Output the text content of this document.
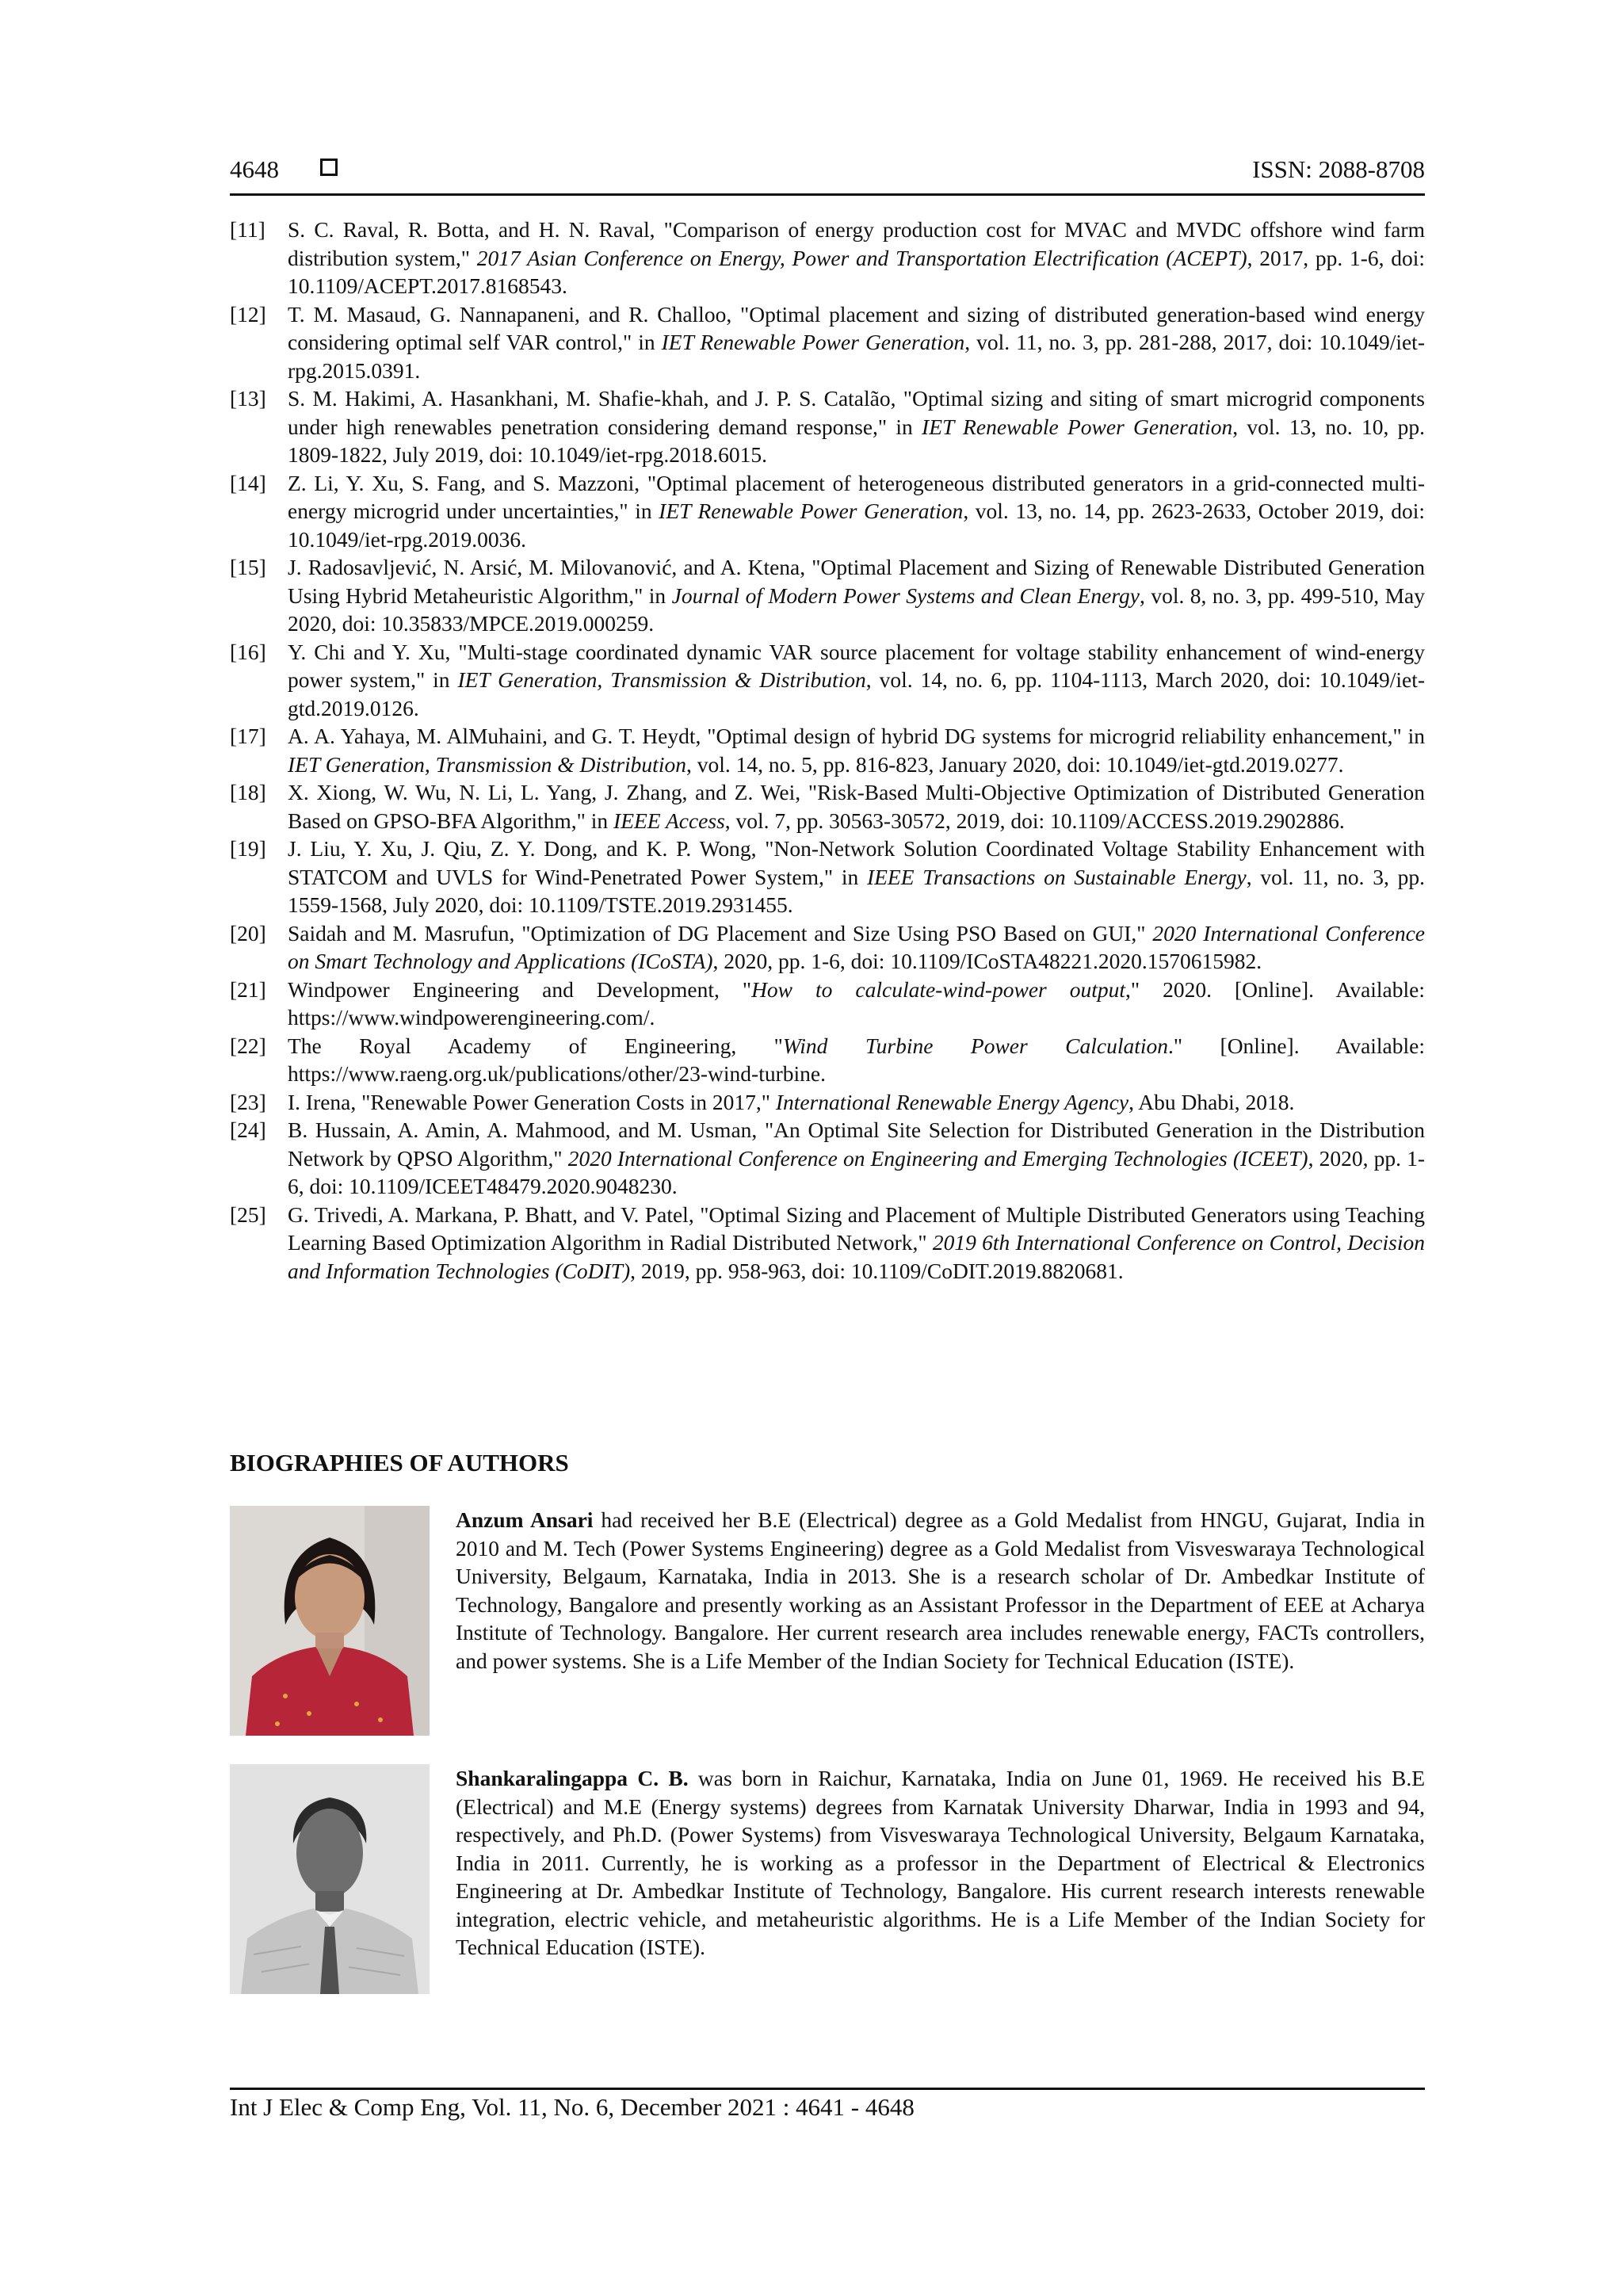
4648	ISSN: 2088-8708
[11] S. C. Raval, R. Botta, and H. N. Raval, "Comparison of energy production cost for MVAC and MVDC offshore wind farm distribution system," 2017 Asian Conference on Energy, Power and Transportation Electrification (ACEPT), 2017, pp. 1-6, doi: 10.1109/ACEPT.2017.8168543.
[12] T. M. Masaud, G. Nannapaneni, and R. Challoo, "Optimal placement and sizing of distributed generation-based wind energy considering optimal self VAR control," in IET Renewable Power Generation, vol. 11, no. 3, pp. 281-288, 2017, doi: 10.1049/iet-rpg.2015.0391.
[13] S. M. Hakimi, A. Hasankhani, M. Shafie-khah, and J. P. S. Catalão, "Optimal sizing and siting of smart microgrid components under high renewables penetration considering demand response," in IET Renewable Power Generation, vol. 13, no. 10, pp. 1809-1822, July 2019, doi: 10.1049/iet-rpg.2018.6015.
[14] Z. Li, Y. Xu, S. Fang, and S. Mazzoni, "Optimal placement of heterogeneous distributed generators in a grid-connected multi-energy microgrid under uncertainties," in IET Renewable Power Generation, vol. 13, no. 14, pp. 2623-2633, October 2019, doi: 10.1049/iet-rpg.2019.0036.
[15] J. Radosavljević, N. Arsić, M. Milovanović, and A. Ktena, "Optimal Placement and Sizing of Renewable Distributed Generation Using Hybrid Metaheuristic Algorithm," in Journal of Modern Power Systems and Clean Energy, vol. 8, no. 3, pp. 499-510, May 2020, doi: 10.35833/MPCE.2019.000259.
[16] Y. Chi and Y. Xu, "Multi-stage coordinated dynamic VAR source placement for voltage stability enhancement of wind-energy power system," in IET Generation, Transmission & Distribution, vol. 14, no. 6, pp. 1104-1113, March 2020, doi: 10.1049/iet-gtd.2019.0126.
[17] A. A. Yahaya, M. AlMuhaini, and G. T. Heydt, "Optimal design of hybrid DG systems for microgrid reliability enhancement," in IET Generation, Transmission & Distribution, vol. 14, no. 5, pp. 816-823, January 2020, doi: 10.1049/iet-gtd.2019.0277.
[18] X. Xiong, W. Wu, N. Li, L. Yang, J. Zhang, and Z. Wei, "Risk-Based Multi-Objective Optimization of Distributed Generation Based on GPSO-BFA Algorithm," in IEEE Access, vol. 7, pp. 30563-30572, 2019, doi: 10.1109/ACCESS.2019.2902886.
[19] J. Liu, Y. Xu, J. Qiu, Z. Y. Dong, and K. P. Wong, "Non-Network Solution Coordinated Voltage Stability Enhancement with STATCOM and UVLS for Wind-Penetrated Power System," in IEEE Transactions on Sustainable Energy, vol. 11, no. 3, pp. 1559-1568, July 2020, doi: 10.1109/TSTE.2019.2931455.
[20] Saidah and M. Masrufun, "Optimization of DG Placement and Size Using PSO Based on GUI," 2020 International Conference on Smart Technology and Applications (ICoSTA), 2020, pp. 1-6, doi: 10.1109/ICoSTA48221.2020.1570615982.
[21] Windpower Engineering and Development, "How to calculate-wind-power output," 2020. [Online]. Available: https://www.windpowerengineering.com/.
[22] The Royal Academy of Engineering, "Wind Turbine Power Calculation." [Online]. Available: https://www.raeng.org.uk/publications/other/23-wind-turbine.
[23] I. Irena, "Renewable Power Generation Costs in 2017," International Renewable Energy Agency, Abu Dhabi, 2018.
[24] B. Hussain, A. Amin, A. Mahmood, and M. Usman, "An Optimal Site Selection for Distributed Generation in the Distribution Network by QPSO Algorithm," 2020 International Conference on Engineering and Emerging Technologies (ICEET), 2020, pp. 1-6, doi: 10.1109/ICEET48479.2020.9048230.
[25] G. Trivedi, A. Markana, P. Bhatt, and V. Patel, "Optimal Sizing and Placement of Multiple Distributed Generators using Teaching Learning Based Optimization Algorithm in Radial Distributed Network," 2019 6th International Conference on Control, Decision and Information Technologies (CoDIT), 2019, pp. 958-963, doi: 10.1109/CoDIT.2019.8820681.
BIOGRAPHIES OF AUTHORS
Anzum Ansari had received her B.E (Electrical) degree as a Gold Medalist from HNGU, Gujarat, India in 2010 and M. Tech (Power Systems Engineering) degree as a Gold Medalist from Visveswaraya Technological University, Belgaum, Karnataka, India in 2013. She is a research scholar of Dr. Ambedkar Institute of Technology, Bangalore and presently working as an Assistant Professor in the Department of EEE at Acharya Institute of Technology. Bangalore. Her current research area includes renewable energy, FACTs controllers, and power systems. She is a Life Member of the Indian Society for Technical Education (ISTE).
Shankaralingappa C. B. was born in Raichur, Karnataka, India on June 01, 1969. He received his B.E (Electrical) and M.E (Energy systems) degrees from Karnatak University Dharwar, India in 1993 and 94, respectively, and Ph.D. (Power Systems) from Visveswaraya Technological University, Belgaum Karnataka, India in 2011. Currently, he is working as a professor in the Department of Electrical & Electronics Engineering at Dr. Ambedkar Institute of Technology, Bangalore. His current research interests renewable integration, electric vehicle, and metaheuristic algorithms. He is a Life Member of the Indian Society for Technical Education (ISTE).
Int J Elec & Comp Eng, Vol. 11, No. 6, December 2021 : 4641 - 4648
